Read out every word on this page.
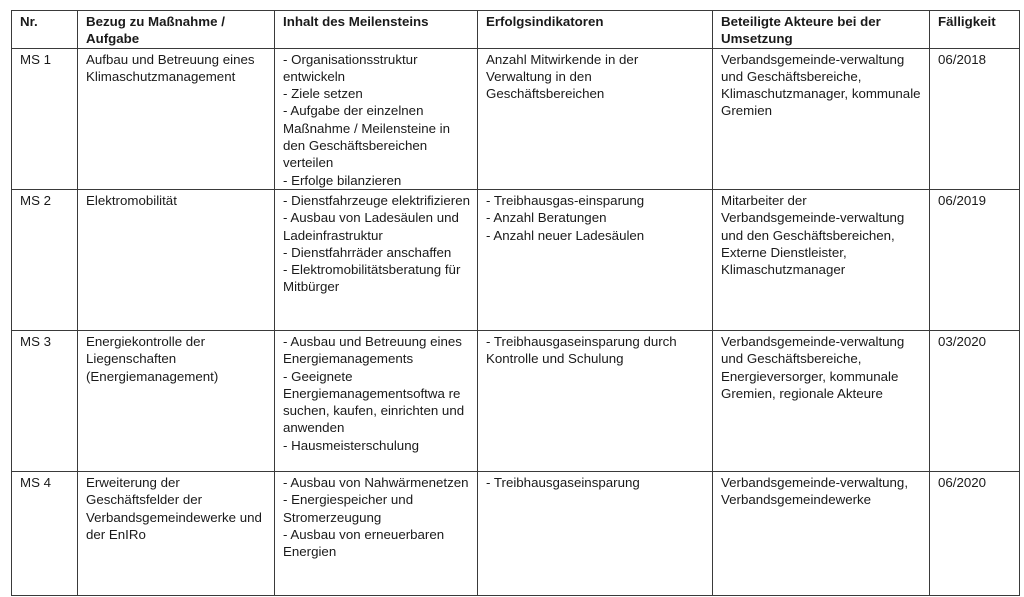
Nr.	Bezug zu Maßnahme / Aufgabe	Inhalt des Meilensteins	Erfolgsindikatoren	Beteiligte Akteure bei der Umsetzung	Fälligkeit
MS 1	Aufbau und Betreuung eines Klimaschutzmanagement	- Organisationsstruktur entwickeln
- Ziele setzen
- Aufgabe der einzelnen Maßnahme / Meilensteine in den Geschäftsbereichen verteilen
- Erfolge bilanzieren	Anzahl Mitwirkende in der Verwaltung in den Geschäftsbereichen	Verbandsgemeinde-verwaltung und Geschäftsbereiche, Klimaschutzmanager, kommunale Gremien	06/2018
MS 2	Elektromobilität	- Dienstfahrzeuge elektrifizieren
- Ausbau von Ladesäulen und Ladeinfrastruktur
- Dienstfahrräder anschaffen
- Elektromobilitätsberatung für Mitbürger	- Treibhausgas-einsparung
- Anzahl Beratungen
- Anzahl neuer Ladesäulen	Mitarbeiter der Verbandsgemeinde-verwaltung und den Geschäftsbereichen, Externe Dienstleister, Klimaschutzmanager	06/2019
MS 3	Energiekontrolle der Liegenschaften (Energiemanagement)	- Ausbau und Betreuung eines Energiemanagements
- Geeignete Energiemanagementsoftwa re suchen, kaufen, einrichten und anwenden
- Hausmeisterschulung	- Treibhausgaseinsparung durch Kontrolle und Schulung	Verbandsgemeinde-verwaltung und Geschäftsbereiche, Energieversorger, kommunale Gremien, regionale Akteure	03/2020
MS 4	Erweiterung der Geschäftsfelder der Verbandsgemeindewerke und der EnIRo	- Ausbau von Nahwärmenetzen
- Energiespeicher und Stromerzeugung
- Ausbau von erneuerbaren Energien	- Treibhausgaseinsparung	Verbandsgemeinde-verwaltung, Verbandsgemeindewerke	06/2020
